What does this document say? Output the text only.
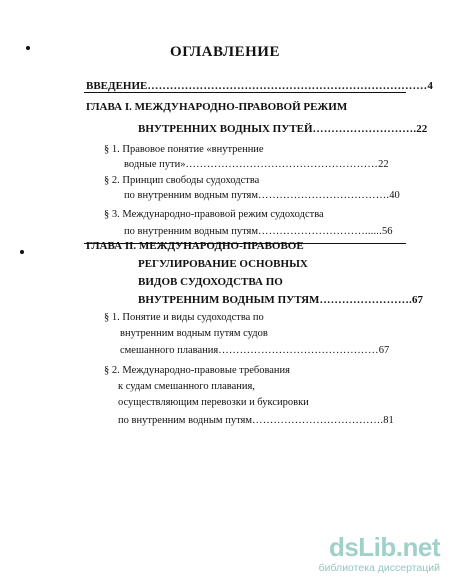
ОГЛАВЛЕНИЕ
ВВЕДЕНИЕ…………………………………………………………………4
ГЛАВА I. МЕЖДУНАРОДНО-ПРАВОВОЙ РЕЖИМ
ВНУТРЕННИХ ВОДНЫХ ПУТЕЙ……………………….22
§ 1. Правовое понятие «внутренние
водные пути»………………………………………………22
§ 2. Принцип свободы судоходства
по внутренним водным путям……………………………….40
§ 3. Международно-правовой режим судоходства
по внутренним водным путям…………………………......56
ГЛАВА II. МЕЖДУНАРОДНО-ПРАВОВОЕ
РЕГУЛИРОВАНИЕ ОСНОВНЫХ
ВИДОВ СУДОХОДСТВА ПО
ВНУТРЕННИМ ВОДНЫМ ПУТЯМ…………………….67
§ 1. Понятие и виды судоходства по
внутренним водным путям судов
смешанного плавания………………………………………67
§ 2. Международно-правовые требования
к судам смешанного плавания,
осуществляющим перевозки и буксировки
по внутренним водным путям……………………………….81
dsLib.net
библиотека диссертаций
